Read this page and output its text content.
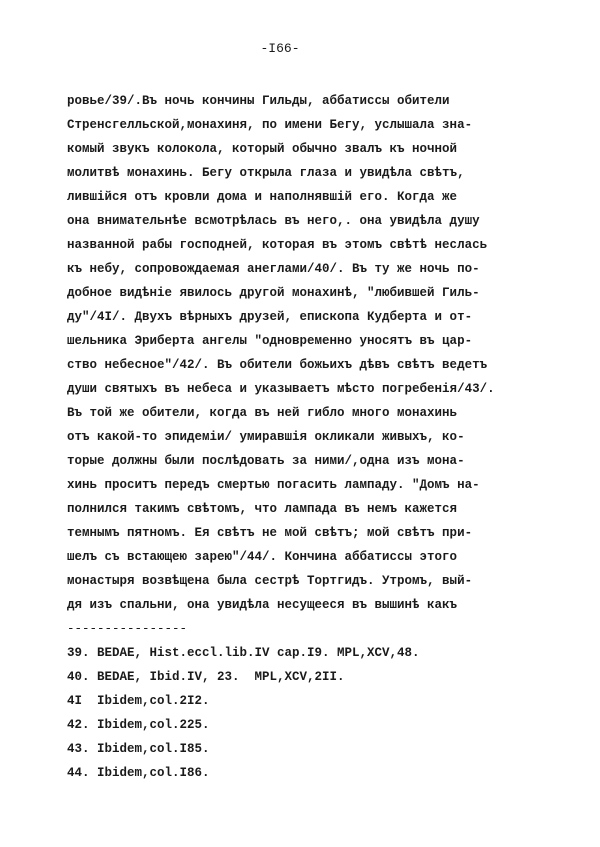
-I66-
ровье/39/.Въ ночь кончины Гильды, аббатиссы обители
Стренсгелльской,монахиня, по имени Бегу, услышала зна-
комый звукъ колокола, который обычно звалъ къ ночной
молитвѣ монахинь. Бегу открыла глаза и увидѣла свѣтъ,
лившійся отъ кровли дома и наполнявшій его. Когда же
она внимательнѣе всмотрѣлась въ него,. она увидѣла душу
названной рабы господней, которая въ этомъ свѣтѣ неслась
къ небу, сопровождаемая анеглами/40/. Въ ту же ночь по-
добное видѣніе явилось другой монахинѣ, "любившей Гиль-
ду"/4I/. Двухъ вѣрныхъ друзей, епископа Кудберта и от-
шельника Эриберта ангелы "одновременно уносятъ въ цар-
ство небесное"/42/. Въ обители божьихъ дѣвъ свѣтъ ведетъ
души святыхъ въ небеса и указываетъ мѣсто погребенія/43/.
Въ той же обители, когда въ ней гибло много монахинь
отъ какой-то эпидеміи/ умиравшія окликали живыхъ, ко-
торые должны были послѣдовать за ними/,одна изъ мона-
хинь проситъ передъ смертью погасить лампаду. "Домъ на-
полнился такимъ свѣтомъ, что лампада въ немъ кажется
темнымъ пятномъ. Ея свѣтъ не мой свѣтъ; мой свѣтъ при-
шелъ съ встающею зарею"/44/. Кончина аббатиссы этого
монастыря возвѣщена была сестрѣ Тортгидъ. Утромъ, вый-
дя изъ спальни, она увидѣла несущееся въ вышинѣ какъ
----------------
39. BEDAE, Hist.eccl.lib.IV cap.I9. MPL,XCV,48.
40. BEDAE, Ibid.IV, 23.  MPL,XCV,2II.
4I  Ibidem,col.2I2.
42. Ibidem,col.225.
43. Ibidem,col.I85.
44. Ibidem,col.I86.
